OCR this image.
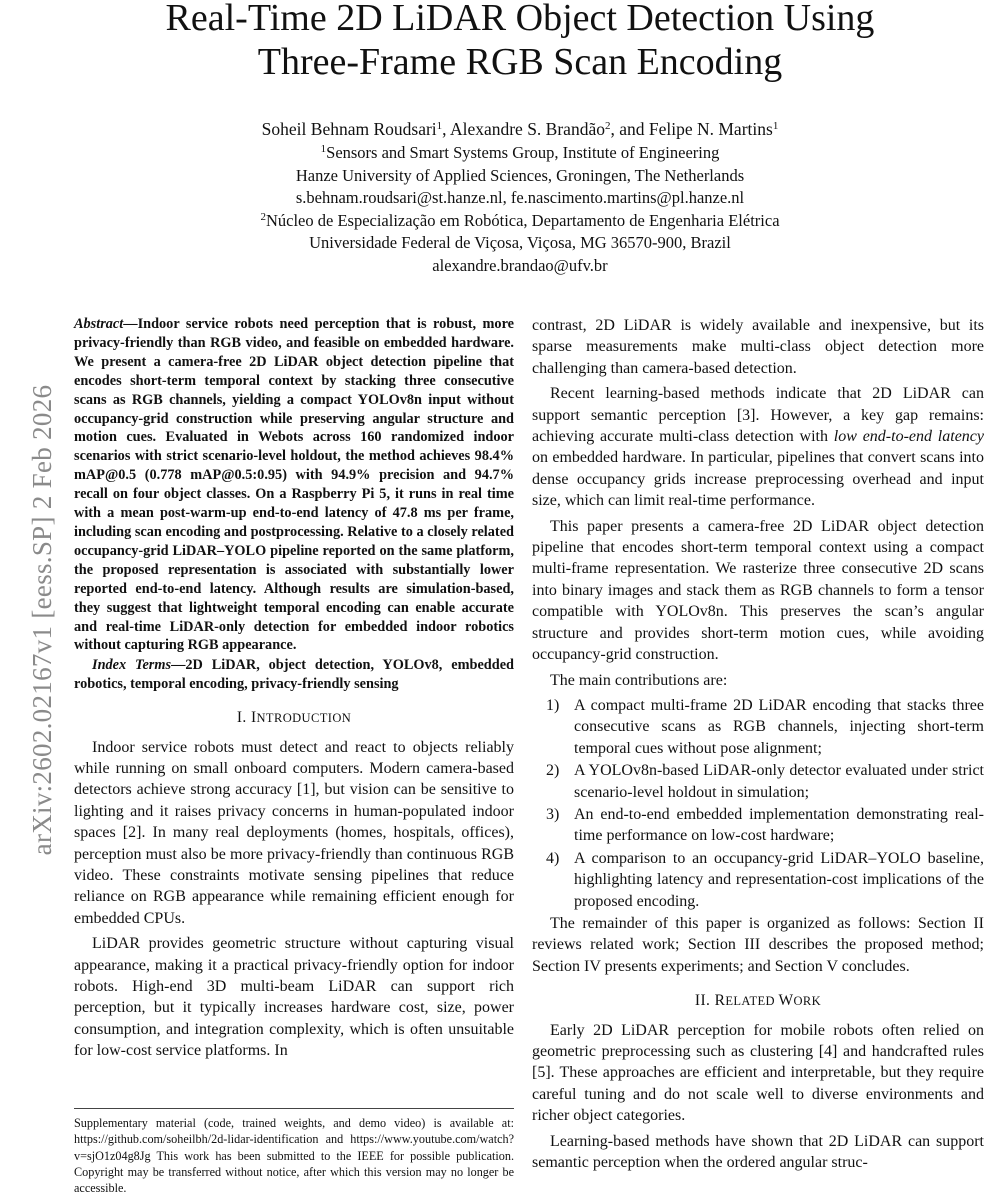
arXiv:2602.02167v1 [eess.SP] 2 Feb 2026
Real-Time 2D LiDAR Object Detection Using
Three-Frame RGB Scan Encoding
Soheil Behnam Roudsari$^1$, Alexandre S. Brandão$^2$, and Felipe N. Martins$^1$
$^1$Sensors and Smart Systems Group, Institute of Engineering
Hanze University of Applied Sciences, Groningen, The Netherlands
s.behnam.roudsari@st.hanze.nl, fe.nascimento.martins@pl.hanze.nl
$^2$Núcleo de Especialização em Robótica, Departamento de Engenharia Elétrica
Universidade Federal de Viçosa, Viçosa, MG 36570-900, Brazil
alexandre.brandao@ufv.br

Abstract—Indoor service robots need perception that is robust, more privacy-friendly than RGB video, and feasible on embedded hardware. We present a camera-free 2D LiDAR object detection pipeline that encodes short-term temporal context by stacking three consecutive scans as RGB channels, yielding a compact YOLOv8n input without occupancy-grid construction while preserving angular structure and motion cues. Evaluated in Webots across 160 randomized indoor scenarios with strict scenario-level holdout, the method achieves 98.4% mAP@0.5 (0.778 mAP@0.5:0.95) with 94.9% precision and 94.7% recall on four object classes. On a Raspberry Pi 5, it runs in real time with a mean post-warm-up end-to-end latency of 47.8 ms per frame, including scan encoding and postprocessing. Relative to a closely related occupancy-grid LiDAR–YOLO pipeline reported on the same platform, the proposed representation is associated with substantially lower reported end-to-end latency. Although results are simulation-based, they suggest that lightweight temporal encoding can enable accurate and real-time LiDAR-only detection for embedded indoor robotics without capturing RGB appearance.

Index Terms—2D LiDAR, object detection, YOLOv8, embedded robotics, temporal encoding, privacy-friendly sensing

I. INTRODUCTION

Indoor service robots must detect and react to objects reliably while running on small onboard computers. Modern camera-based detectors achieve strong accuracy [1], but vision can be sensitive to lighting and it raises privacy concerns in human-populated indoor spaces [2]. In many real deployments (homes, hospitals, offices), perception must also be more privacy-friendly than continuous RGB video. These constraints motivate sensing pipelines that reduce reliance on RGB appearance while remaining efficient enough for embedded CPUs.

LiDAR provides geometric structure without capturing visual appearance, making it a practical privacy-friendly option for indoor robots. High-end 3D multi-beam LiDAR can support rich perception, but it typically increases hardware cost, size, power consumption, and integration complexity, which is often unsuitable for low-cost service platforms. In

contrast, 2D LiDAR is widely available and inexpensive, but its sparse measurements make multi-class object detection more challenging than camera-based detection.

Recent learning-based methods indicate that 2D LiDAR can support semantic perception [3]. However, a key gap remains: achieving accurate multi-class detection with low end-to-end latency on embedded hardware. In particular, pipelines that convert scans into dense occupancy grids increase preprocessing overhead and input size, which can limit real-time performance.

This paper presents a camera-free 2D LiDAR object detection pipeline that encodes short-term temporal context using a compact multi-frame representation. We rasterize three consecutive 2D scans into binary images and stack them as RGB channels to form a tensor compatible with YOLOv8n. This preserves the scan’s angular structure and provides short-term motion cues, while avoiding occupancy-grid construction.

The main contributions are:

1) A compact multi-frame 2D LiDAR encoding that stacks three consecutive scans as RGB channels, injecting short-term temporal cues without pose alignment;
2) A YOLOv8n-based LiDAR-only detector evaluated under strict scenario-level holdout in simulation;
3) An end-to-end embedded implementation demonstrating real-time performance on low-cost hardware;
4) A comparison to an occupancy-grid LiDAR–YOLO baseline, highlighting latency and representation-cost implications of the proposed encoding.

The remainder of this paper is organized as follows: Section II reviews related work; Section III describes the proposed method; Section IV presents experiments; and Section V concludes.

II. RELATED WORK

Early 2D LiDAR perception for mobile robots often relied on geometric preprocessing such as clustering [4] and handcrafted rules [5]. These approaches are efficient and interpretable, but they require careful tuning and do not scale well to diverse environments and richer object categories.

Learning-based methods have shown that 2D LiDAR can support semantic perception when the ordered angular struc-

Supplementary material (code, trained weights, and demo video) is available at: https://github.com/soheilbh/2d-lidar-identification and https://www.youtube.com/watch?v=sjO1z04g8Jg This work has been submitted to the IEEE for possible publication. Copyright may be transferred without notice, after which this version may no longer be accessible.
